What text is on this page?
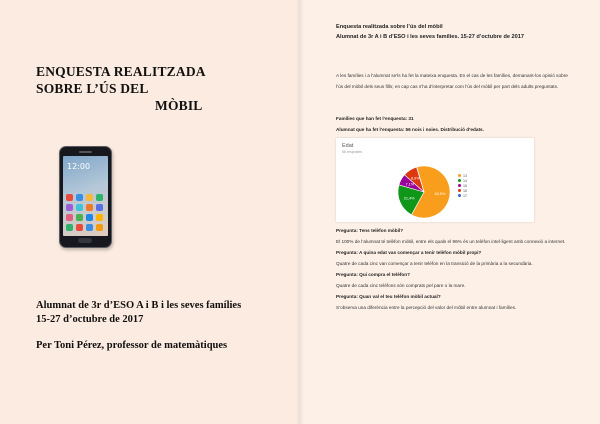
ENQUESTA REALITZADA
SOBRE L’ÚS DEL

MÒBIL
12:00
Alumnat de 3r d’ESO A i B i les seves famílies
15-27 d’octubre de 2017
Per Toni Pérez, professor de matemàtiques
Enquesta realitzada sobre l’ús del mòbil
Alumnat de 3r A i B d’ESO i les seves famílies. 15-27 d’octubre de 2017

A les famílies i a l’alumnat se’ls ha fet la mateixa enquesta. En el cas de les famílies, demanant-los opinió sobre l’ús del mòbil dels seus fills; en cap cas s’ha d’interpretar com l’ús del mòbil per part dels adults preguntats.

Famílies que han fet l’enquesta: 31

Alumnat que ha fet l’enquesta: 56 nois i noies. Distribució d’edats.

Edat
56 respostes
62,5%
21,4%
7,1%
8,9%
13
14
15
16
17

Pregunta: Tens telèfon mòbil?

El 100% de l’alumnat té telèfon mòbil, entre els quals el 96% és un telèfon intel·ligent amb connexió a internet.

Pregunta: A quina edat vas començar a tenir telèfon mòbil propi?

Quatre de cada cinc van començar a tenir telèfon en la transició de la primària a la secundària.

Pregunta: Qui compra el telèfon?

Quatre de cada cinc telèfons són comprats pel pare o la mare.

Pregunta: Quan val el teu telèfon mòbil actual?

S’observa una diferència entre la percepció del valor del mòbil entre alumnat i famílies.
